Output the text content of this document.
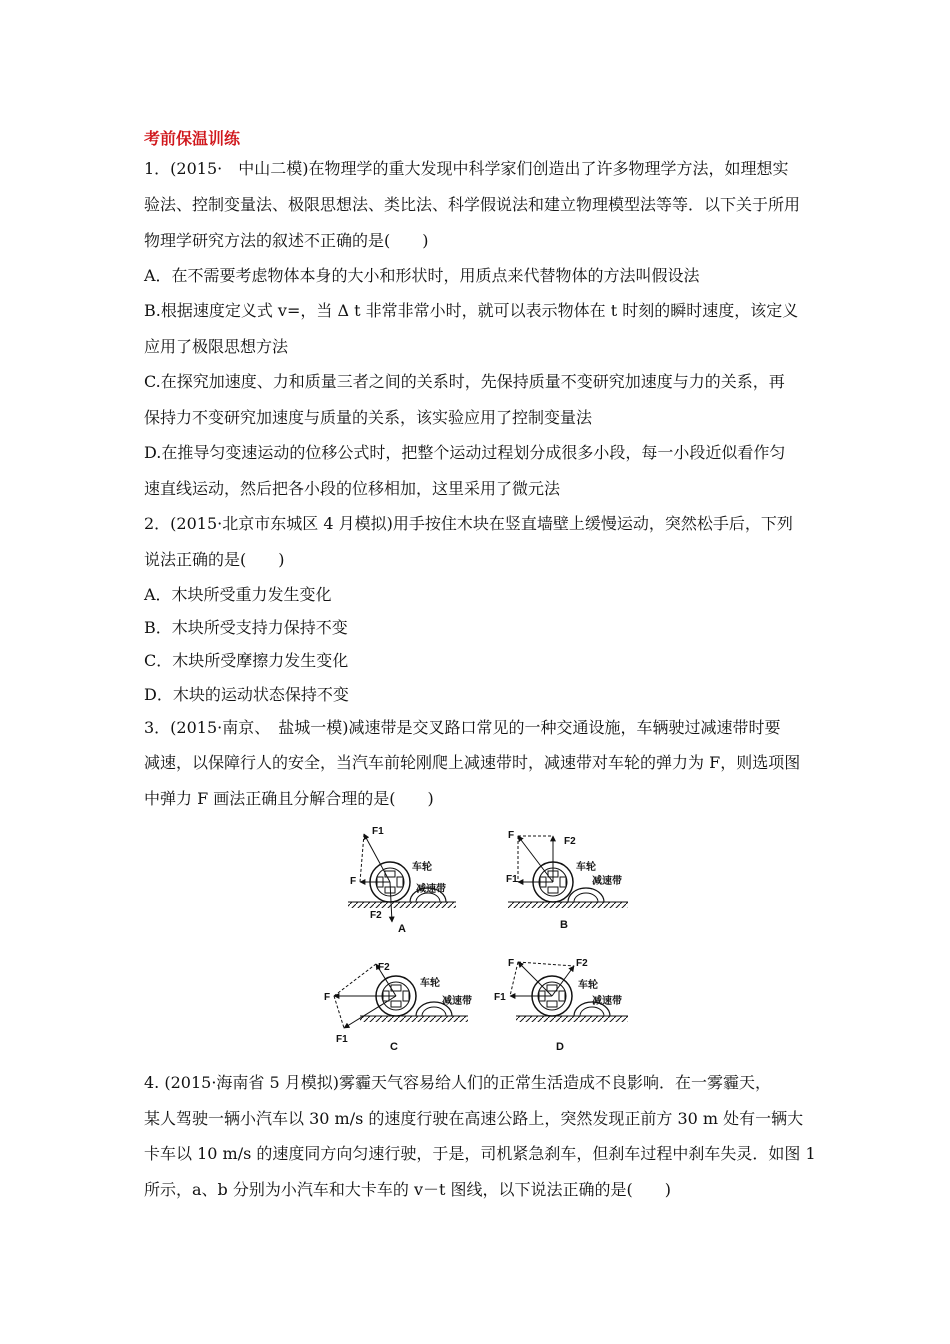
考前保温训练
1．(2015·　中山二模)在物理学的重大发现中科学家们创造出了许多物理学方法，如理想实
验法、控制变量法、极限思想法、类比法、科学假说法和建立物理模型法等等．以下关于所用
物理学研究方法的叙述不正确的是(　　)
A．在不需要考虑物体本身的大小和形状时，用质点来代替物体的方法叫假设法
B.根据速度定义式 v=，当 Δ t 非常非常小时，就可以表示物体在 t 时刻的瞬时速度，该定义
应用了极限思想方法
C.在探究加速度、力和质量三者之间的关系时，先保持质量不变研究加速度与力的关系，再
保持力不变研究加速度与质量的关系，该实验应用了控制变量法
D.在推导匀变速运动的位移公式时，把整个运动过程划分成很多小段，每一小段近似看作匀
速直线运动，然后把各小段的位移相加，这里采用了微元法
2．(2015·北京市东城区 4 月模拟)用手按住木块在竖直墙壁上缓慢运动，突然松手后，下列
说法正确的是(　　)
A．木块所受重力发生变化
B．木块所受支持力保持不变
C．木块所受摩擦力发生变化
D．木块的运动状态保持不变
3．(2015·南京、　盐城一模)减速带是交叉路口常见的一种交通设施，车辆驶过减速带时要
减速，以保障行人的安全，当汽车前轮刚爬上减速带时，减速带对车轮的弹力为 F，则选项图
中弹力 F 画法正确且分解合理的是(　　)
F1
F
F2
车轮
减速带
A
F
F2
F1
车轮
减速带
B
F
F2
F1
车轮
减速带
C
F	F2
F1
车轮
减速带
D
4. (2015·海南省 5 月模拟)雾霾天气容易给人们的正常生活造成不良影响．在一雾霾天，
某人驾驶一辆小汽车以 30 m/s 的速度行驶在高速公路上，突然发现正前方 30 m 处有一辆大
卡车以 10 m/s 的速度同方向匀速行驶，于是，司机紧急刹车，但刹车过程中刹车失灵．如图 1
所示，a、b 分别为小汽车和大卡车的 v－t 图线，以下说法正确的是(　　)
